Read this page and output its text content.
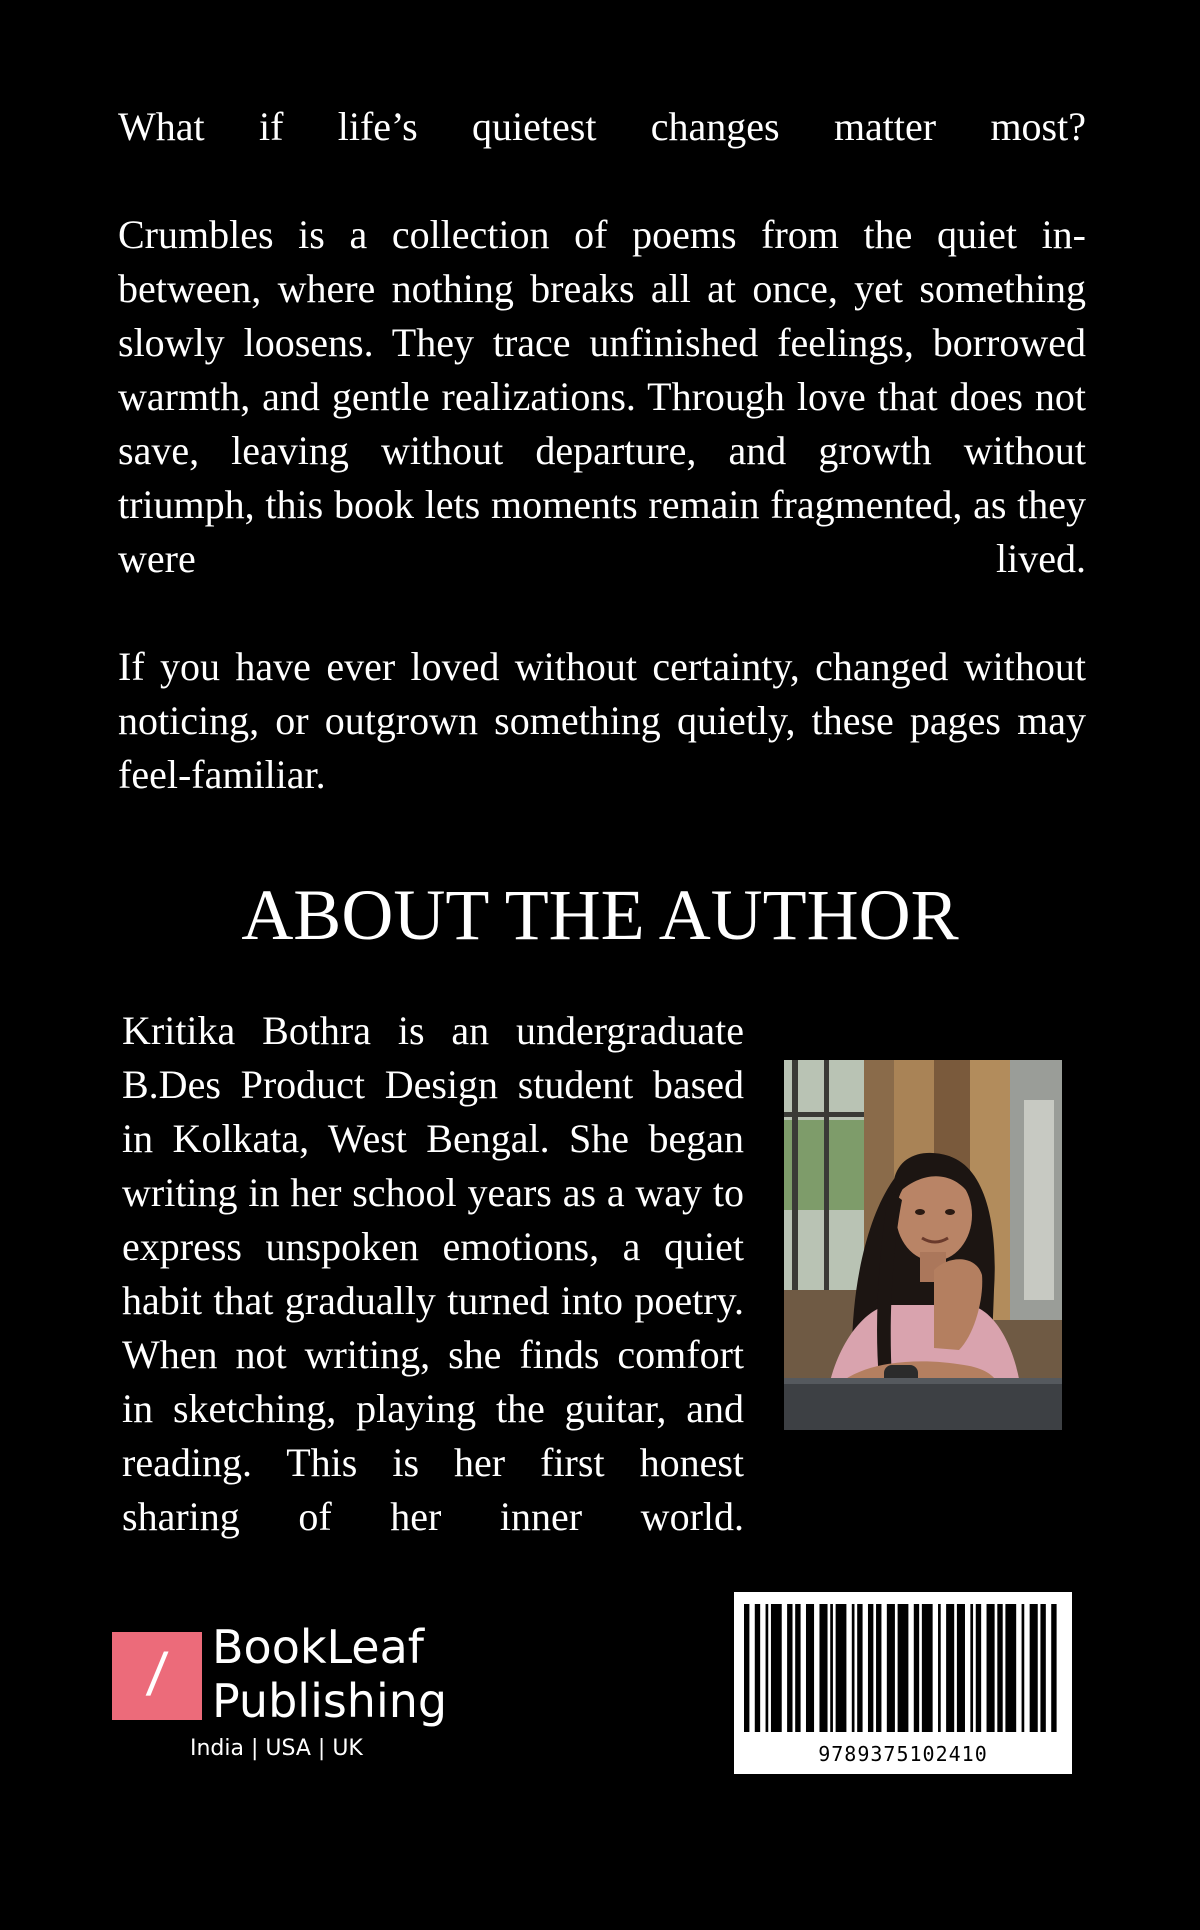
What if life’s quietest changes matter most?

Crumbles is a collection of poems from the quiet in-between, where nothing breaks all at once, yet something slowly loosens. They trace unfinished feelings, borrowed warmth, and gentle realizations. Through love that does not save, leaving without departure, and growth without triumph, this book lets moments remain fragmented, as they were lived.

If you have ever loved without certainty, changed without noticing, or outgrown something quietly, these pages may feel-familiar.

ABOUT THE AUTHOR

Kritika Bothra is an undergraduate B.Des Product Design student based in Kolkata, West Bengal. She began writing in her school years as a way to express unspoken emotions, a quiet habit that gradually turned into poetry. When not writing, she finds comfort in sketching, playing the guitar, and reading. This is her first honest sharing of her inner world.

/ BookLeaf
Publishing
India | USA | UK	9789375102410
